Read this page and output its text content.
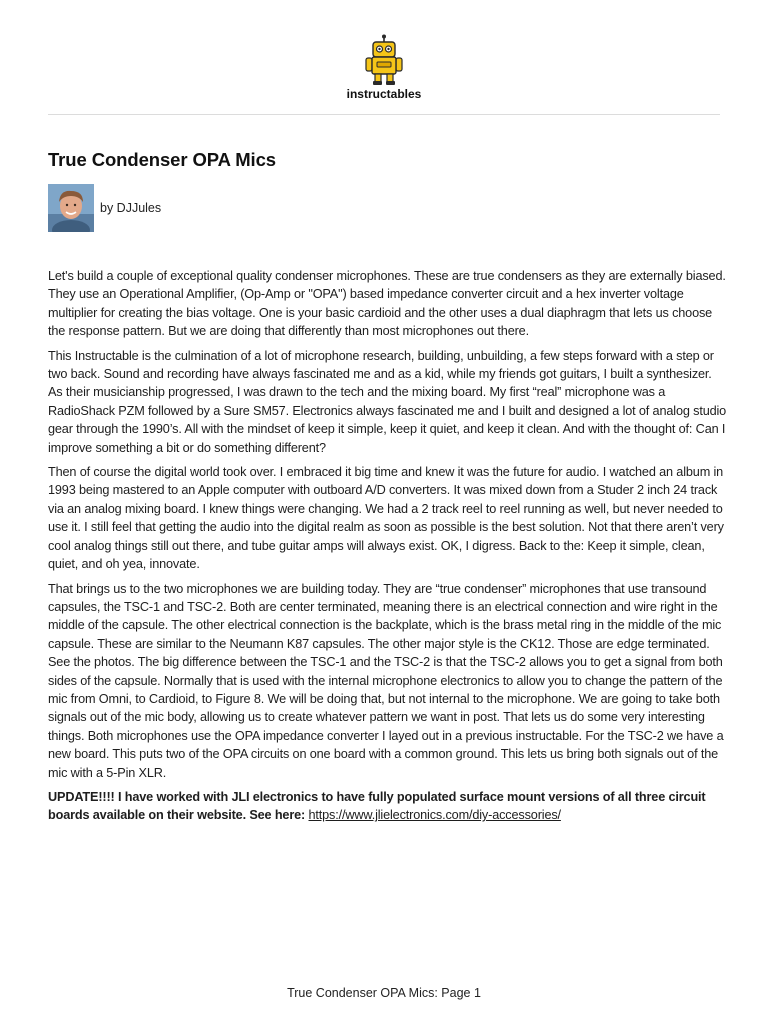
instructables
True Condenser OPA Mics
by DJJules

Let's build a couple of exceptional quality condenser microphones. These are true condensers as they are externally biased. They use an Operational Amplifier, (Op-Amp or "OPA") based impedance converter circuit and a hex inverter voltage multiplier for creating the bias voltage. One is your basic cardioid and the other uses a dual diaphragm that lets us choose the response pattern. But we are doing that differently than most microphones out there.

This Instructable is the culmination of a lot of microphone research, building, unbuilding, a few steps forward with a step or two back. Sound and recording have always fascinated me and as a kid, while my friends got guitars, I built a synthesizer. As their musicianship progressed, I was drawn to the tech and the mixing board. My first “real” microphone was a RadioShack PZM followed by a Sure SM57. Electronics always fascinated me and I built and designed a lot of analog studio gear through the 1990’s. All with the mindset of keep it simple, keep it quiet, and keep it clean. And with the thought of: Can I improve something a bit or do something different?

Then of course the digital world took over. I embraced it big time and knew it was the future for audio. I watched an album in 1993 being mastered to an Apple computer with outboard A/D converters. It was mixed down from a Studer 2 inch 24 track via an analog mixing board. I knew things were changing. We had a 2 track reel to reel running as well, but never needed to use it. I still feel that getting the audio into the digital realm as soon as possible is the best solution. Not that there aren’t very cool analog things still out there, and tube guitar amps will always exist. OK, I digress. Back to the: Keep it simple, clean, quiet, and oh yea, innovate.

That brings us to the two microphones we are building today. They are “true condenser” microphones that use transound capsules, the TSC-1 and TSC-2. Both are center terminated, meaning there is an electrical connection and wire right in the middle of the capsule. The other electrical connection is the backplate, which is the brass metal ring in the middle of the mic capsule. These are similar to the Neumann K87 capsules. The other major style is the CK12. Those are edge terminated. See the photos. The big difference between the TSC-1 and the TSC-2 is that the TSC-2 allows you to get a signal from both sides of the capsule. Normally that is used with the internal microphone electronics to allow you to change the pattern of the mic from Omni, to Cardioid, to Figure 8. We will be doing that, but not internal to the microphone. We are going to take both signals out of the mic body, allowing us to create whatever pattern we want in post. That lets us do some very interesting things. Both microphones use the OPA impedance converter I layed out in a previous instructable. For the TSC-2 we have a new board. This puts two of the OPA circuits on one board with a common ground. This lets us bring both signals out of the mic with a 5-Pin XLR.

UPDATE!!!! I have worked with JLI electronics to have fully populated surface mount versions of all three circuit boards available on their website. See here: https://www.jlielectronics.com/diy-accessories/

True Condenser OPA Mics: Page 1
